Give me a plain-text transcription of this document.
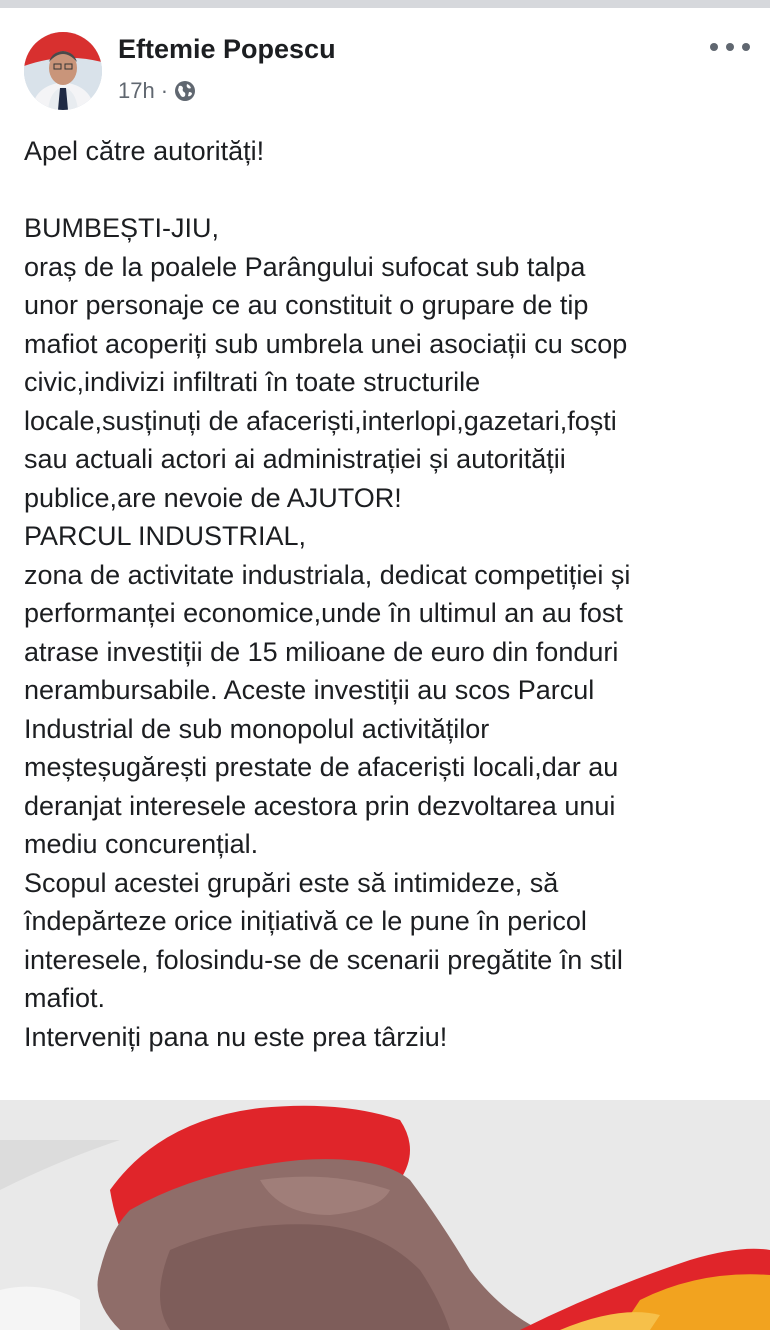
Eftemie Popescu
17h ·
Apel către autorități!
BUMBEȘTI-JIU,
oraș de la poalele Parângului sufocat sub talpa
unor personaje ce au constituit o grupare de tip
mafiot acoperiți sub umbrela unei asociații cu scop
civic,indivizi infiltrati în toate structurile
locale,susținuți de afaceriști,interlopi,gazetari,foști
sau actuali actori ai administrației și autorității
publice,are nevoie de AJUTOR!
PARCUL INDUSTRIAL,
zona de activitate industriala, dedicat competiției și
performanței economice,unde în ultimul an au fost
atrase investiții de 15 milioane de euro din fonduri
nerambursabile. Aceste investiții au scos Parcul
Industrial de sub monopolul activităților
meșteșugărești prestate de afaceriști locali,dar au
deranjat interesele acestora prin dezvoltarea unui
mediu concurențial.
Scopul acestei grupări este să intimideze, să
îndepărteze orice inițiativă ce le pune în pericol
interesele, folosindu-se de scenarii pregătite în stil
mafiot.
Interveniți pana nu este prea târziu!
